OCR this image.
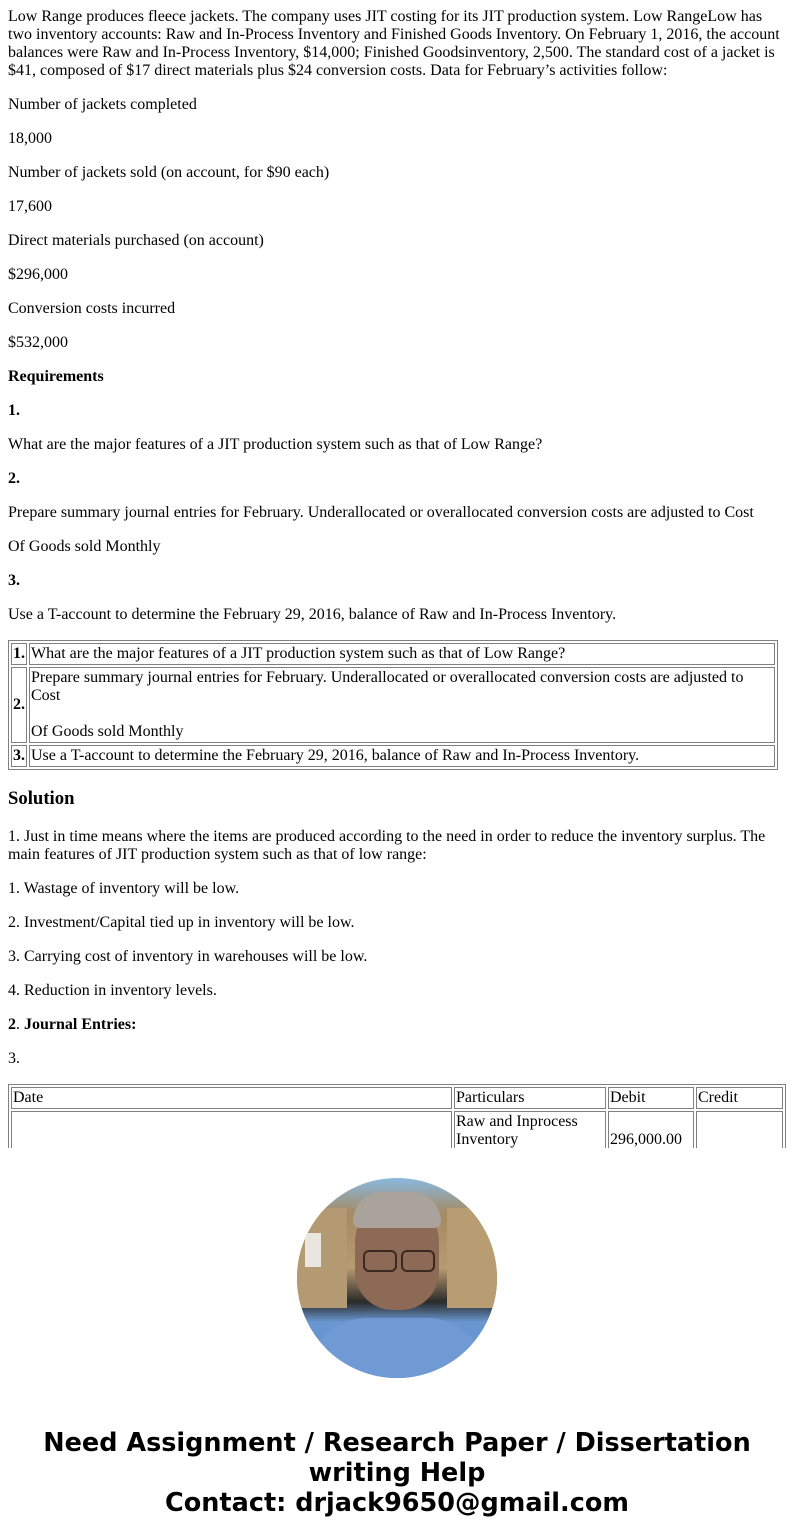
Low Range produces fleece jackets. The company uses JIT costing for its JIT production system. Low RangeLow has two inventory accounts: Raw and In-Process Inventory and Finished Goods Inventory. On February 1, 2016, the account balances were Raw and In-Process Inventory, $14,000; Finished Goodsinventory, 2,500. The standard cost of a jacket is $41, composed of $17 direct materials plus $24 conversion costs. Data for February’s activities follow:

Number of jackets completed

18,000

Number of jackets sold (on account, for $90 each)

17,600

Direct materials purchased (on account)

$296,000

Conversion costs incurred

$532,000

Requirements

1.

What are the major features of a JIT production system such as that of Low Range?

2.

Prepare summary journal entries for February. Underallocated or overallocated conversion costs are adjusted to Cost

Of Goods sold Monthly

3.

Use a T-account to determine the February 29, 2016, balance of Raw and In-Process Inventory.

1.	What are the major features of a JIT production system such as that of Low Range?
2.	Prepare summary journal entries for February. Underallocated or overallocated conversion costs are adjusted to Cost

Of Goods sold Monthly
3.	Use a T-account to determine the February 29, 2016, balance of Raw and In-Process Inventory.
Solution

1. Just in time means where the items are produced according to the need in order to reduce the inventory surplus. The main features of JIT production system such as that of low range:

1. Wastage of inventory will be low.

2. Investment/Capital tied up in inventory will be low.

3. Carrying cost of inventory in warehouses will be low.

4. Reduction in inventory levels.

2. Journal Entries:

3.

Date	Particulars	Debit	Credit
	Raw and Inprocess Inventory	296,000.00	
Need Assignment / Research Paper / Dissertation
writing Help
Contact: drjack9650@gmail.com
